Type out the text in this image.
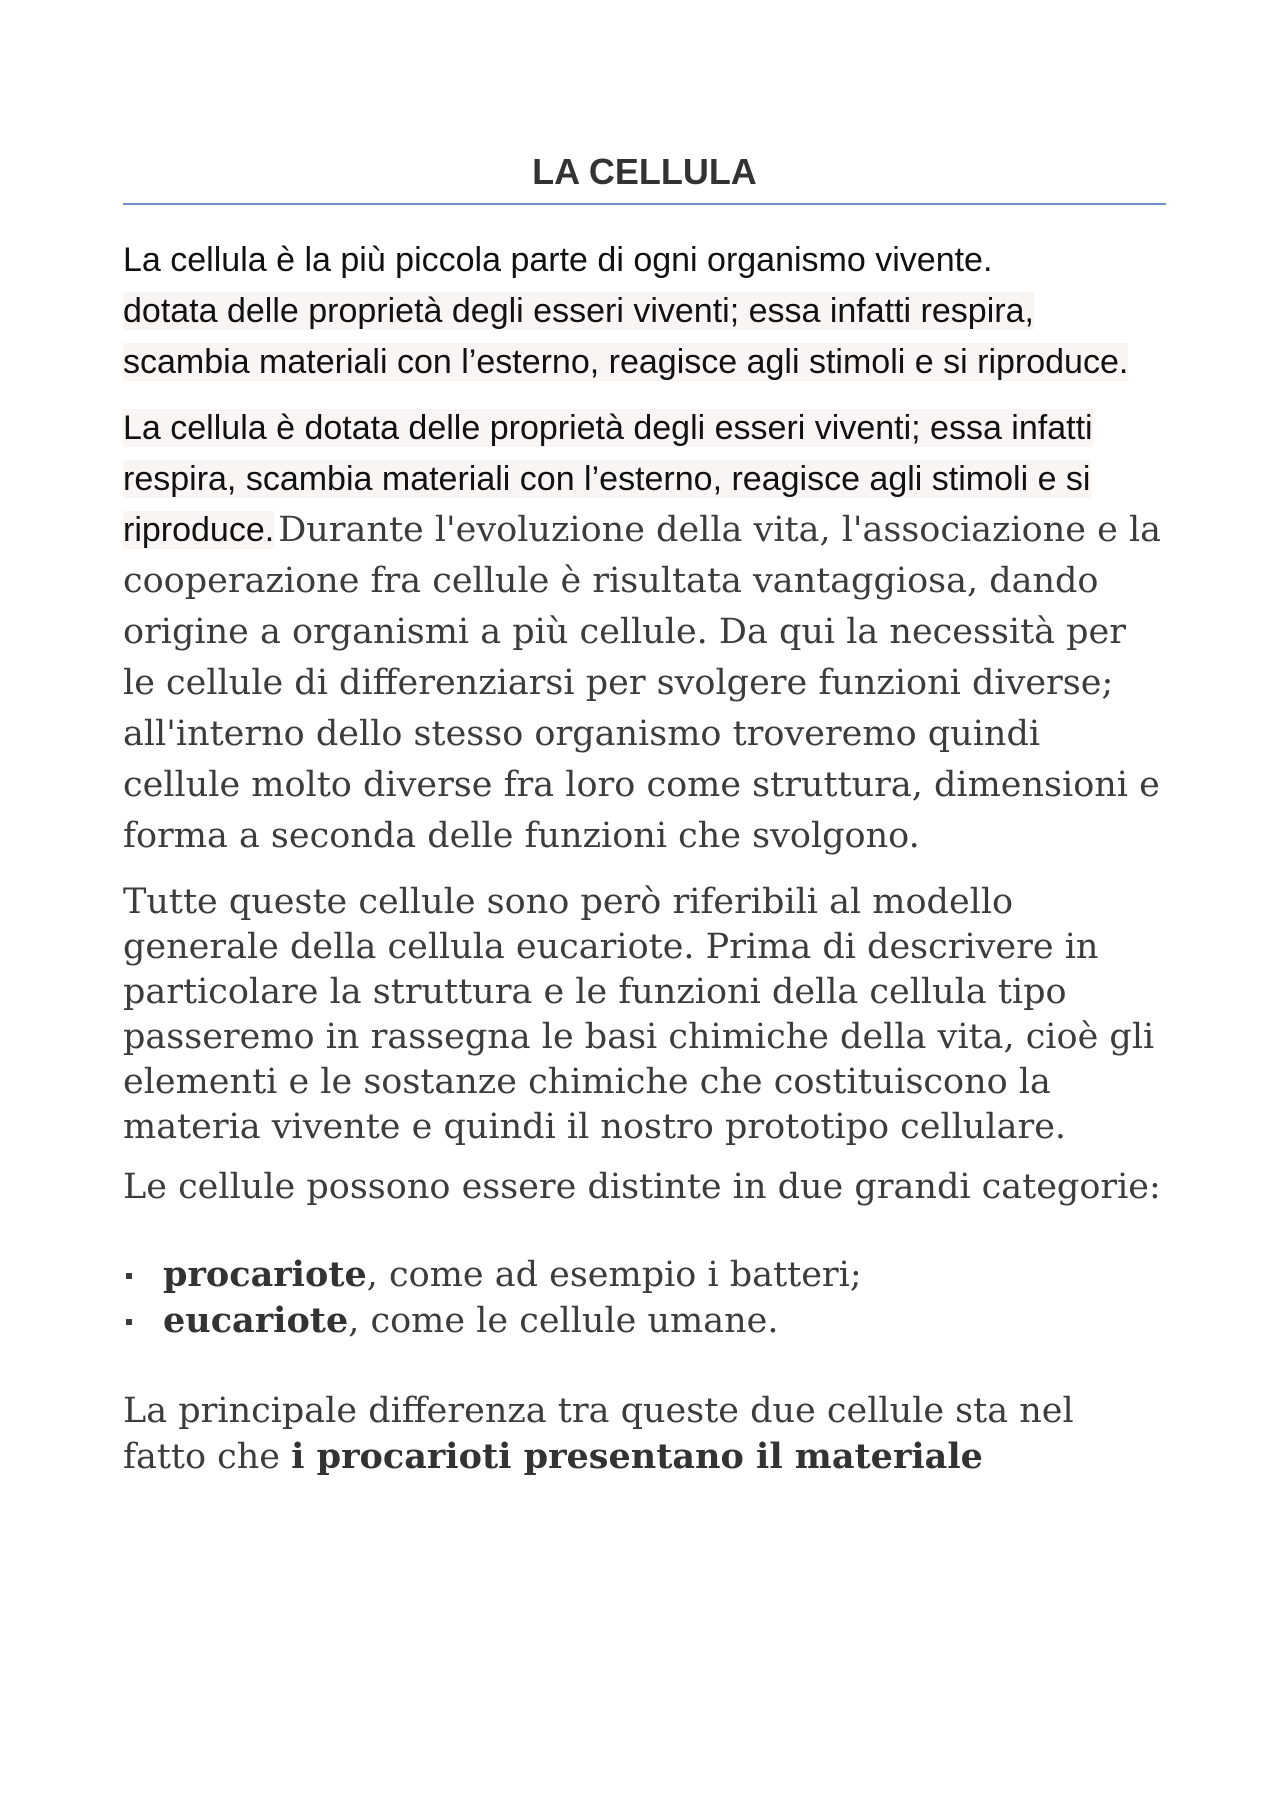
LA CELLULA

La cellula è la più piccola parte di ogni organismo vivente.
dotata delle proprietà degli esseri viventi; essa infatti respira, scambia materiali con l’esterno, reagisce agli stimoli e si riproduce.

La cellula è dotata delle proprietà degli esseri viventi; essa infatti respira, scambia materiali con l’esterno, reagisce agli stimoli e si riproduce. Durante l'evoluzione della vita, l'associazione e la cooperazione fra cellule è risultata vantaggiosa, dando origine a organismi a più cellule. Da qui la necessità per le cellule di differenziarsi per svolgere funzioni diverse; all'interno dello stesso organismo troveremo quindi cellule molto diverse fra loro come struttura, dimensioni e forma a seconda delle funzioni che svolgono.

Tutte queste cellule sono però riferibili al modello generale della cellula eucariote. Prima di descrivere in particolare la struttura e le funzioni della cellula tipo passeremo in rassegna le basi chimiche della vita, cioè gli elementi e le sostanze chimiche che costituiscono la materia vivente e quindi il nostro prototipo cellulare.

Le cellule possono essere distinte in due grandi categorie:

procariote, come ad esempio i batteri;
eucariote, come le cellule umane.

La principale differenza tra queste due cellule sta nel fatto che i procarioti presentano il materiale
